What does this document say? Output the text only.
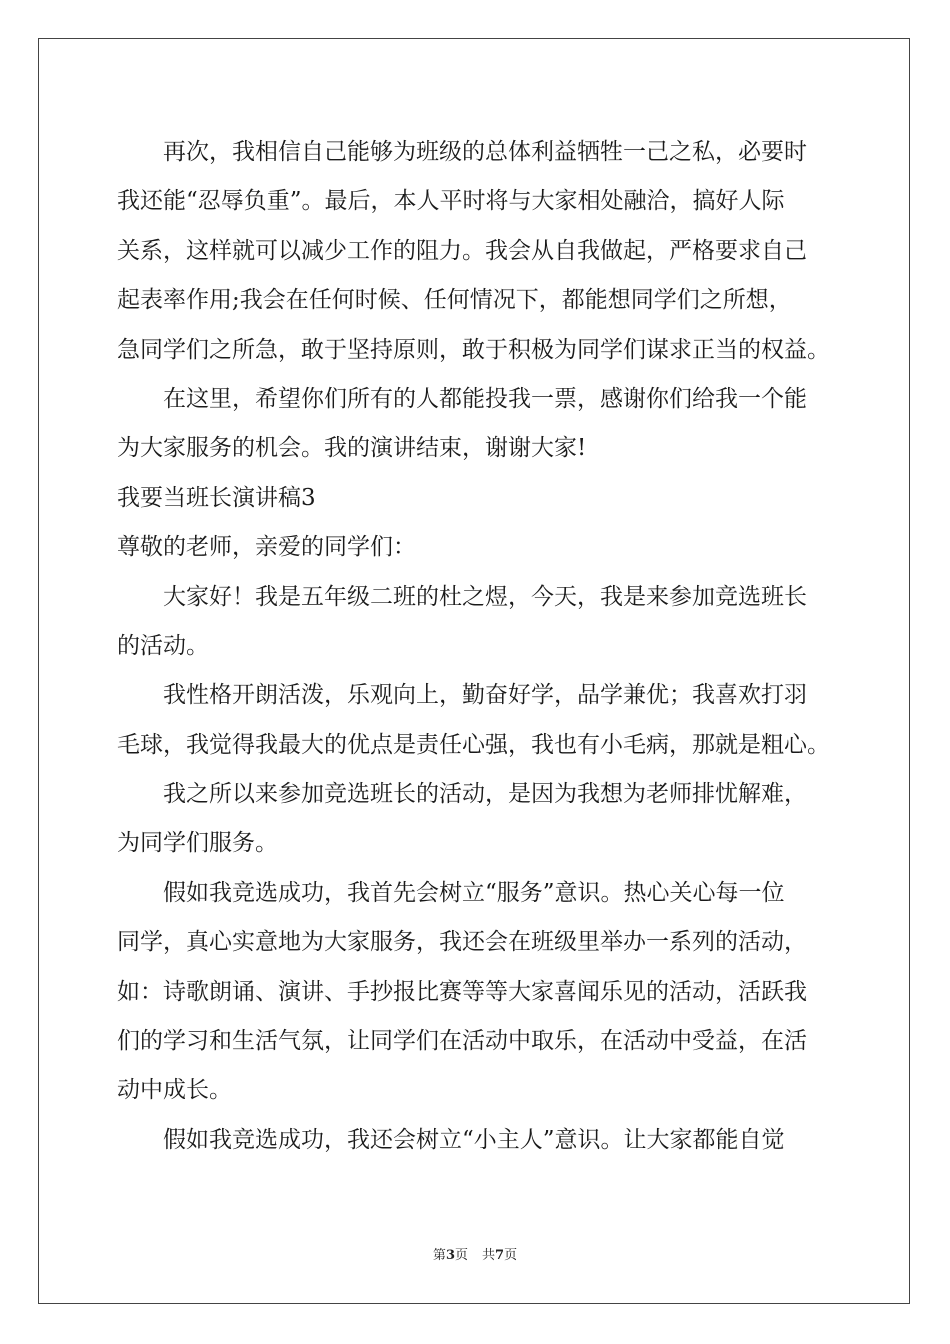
再次，我相信自己能够为班级的总体利益牺牲一己之私，必要时
我还能“忍辱负重”。最后，本人平时将与大家相处融洽，搞好人际
关系，这样就可以减少工作的阻力。我会从自我做起，严格要求自己
起表率作用;我会在任何时候、任何情况下，都能想同学们之所想，
急同学们之所急，敢于坚持原则，敢于积极为同学们谋求正当的权益。
在这里，希望你们所有的人都能投我一票，感谢你们给我一个能
为大家服务的机会。我的演讲结束，谢谢大家!
我要当班长演讲稿3
尊敬的老师，亲爱的同学们：
大家好！我是五年级二班的杜之煜，今天，我是来参加竞选班长
的活动。
我性格开朗活泼，乐观向上，勤奋好学，品学兼优；我喜欢打羽
毛球，我觉得我最大的优点是责任心强，我也有小毛病，那就是粗心。
我之所以来参加竞选班长的活动，是因为我想为老师排忧解难，
为同学们服务。
假如我竞选成功，我首先会树立“服务”意识。热心关心每一位
同学，真心实意地为大家服务，我还会在班级里举办一系列的活动，
如：诗歌朗诵、演讲、手抄报比赛等等大家喜闻乐见的活动，活跃我
们的学习和生活气氛，让同学们在活动中取乐，在活动中受益，在活
动中成长。
假如我竞选成功，我还会树立“小主人”意识。让大家都能自觉
第3页 共7页
